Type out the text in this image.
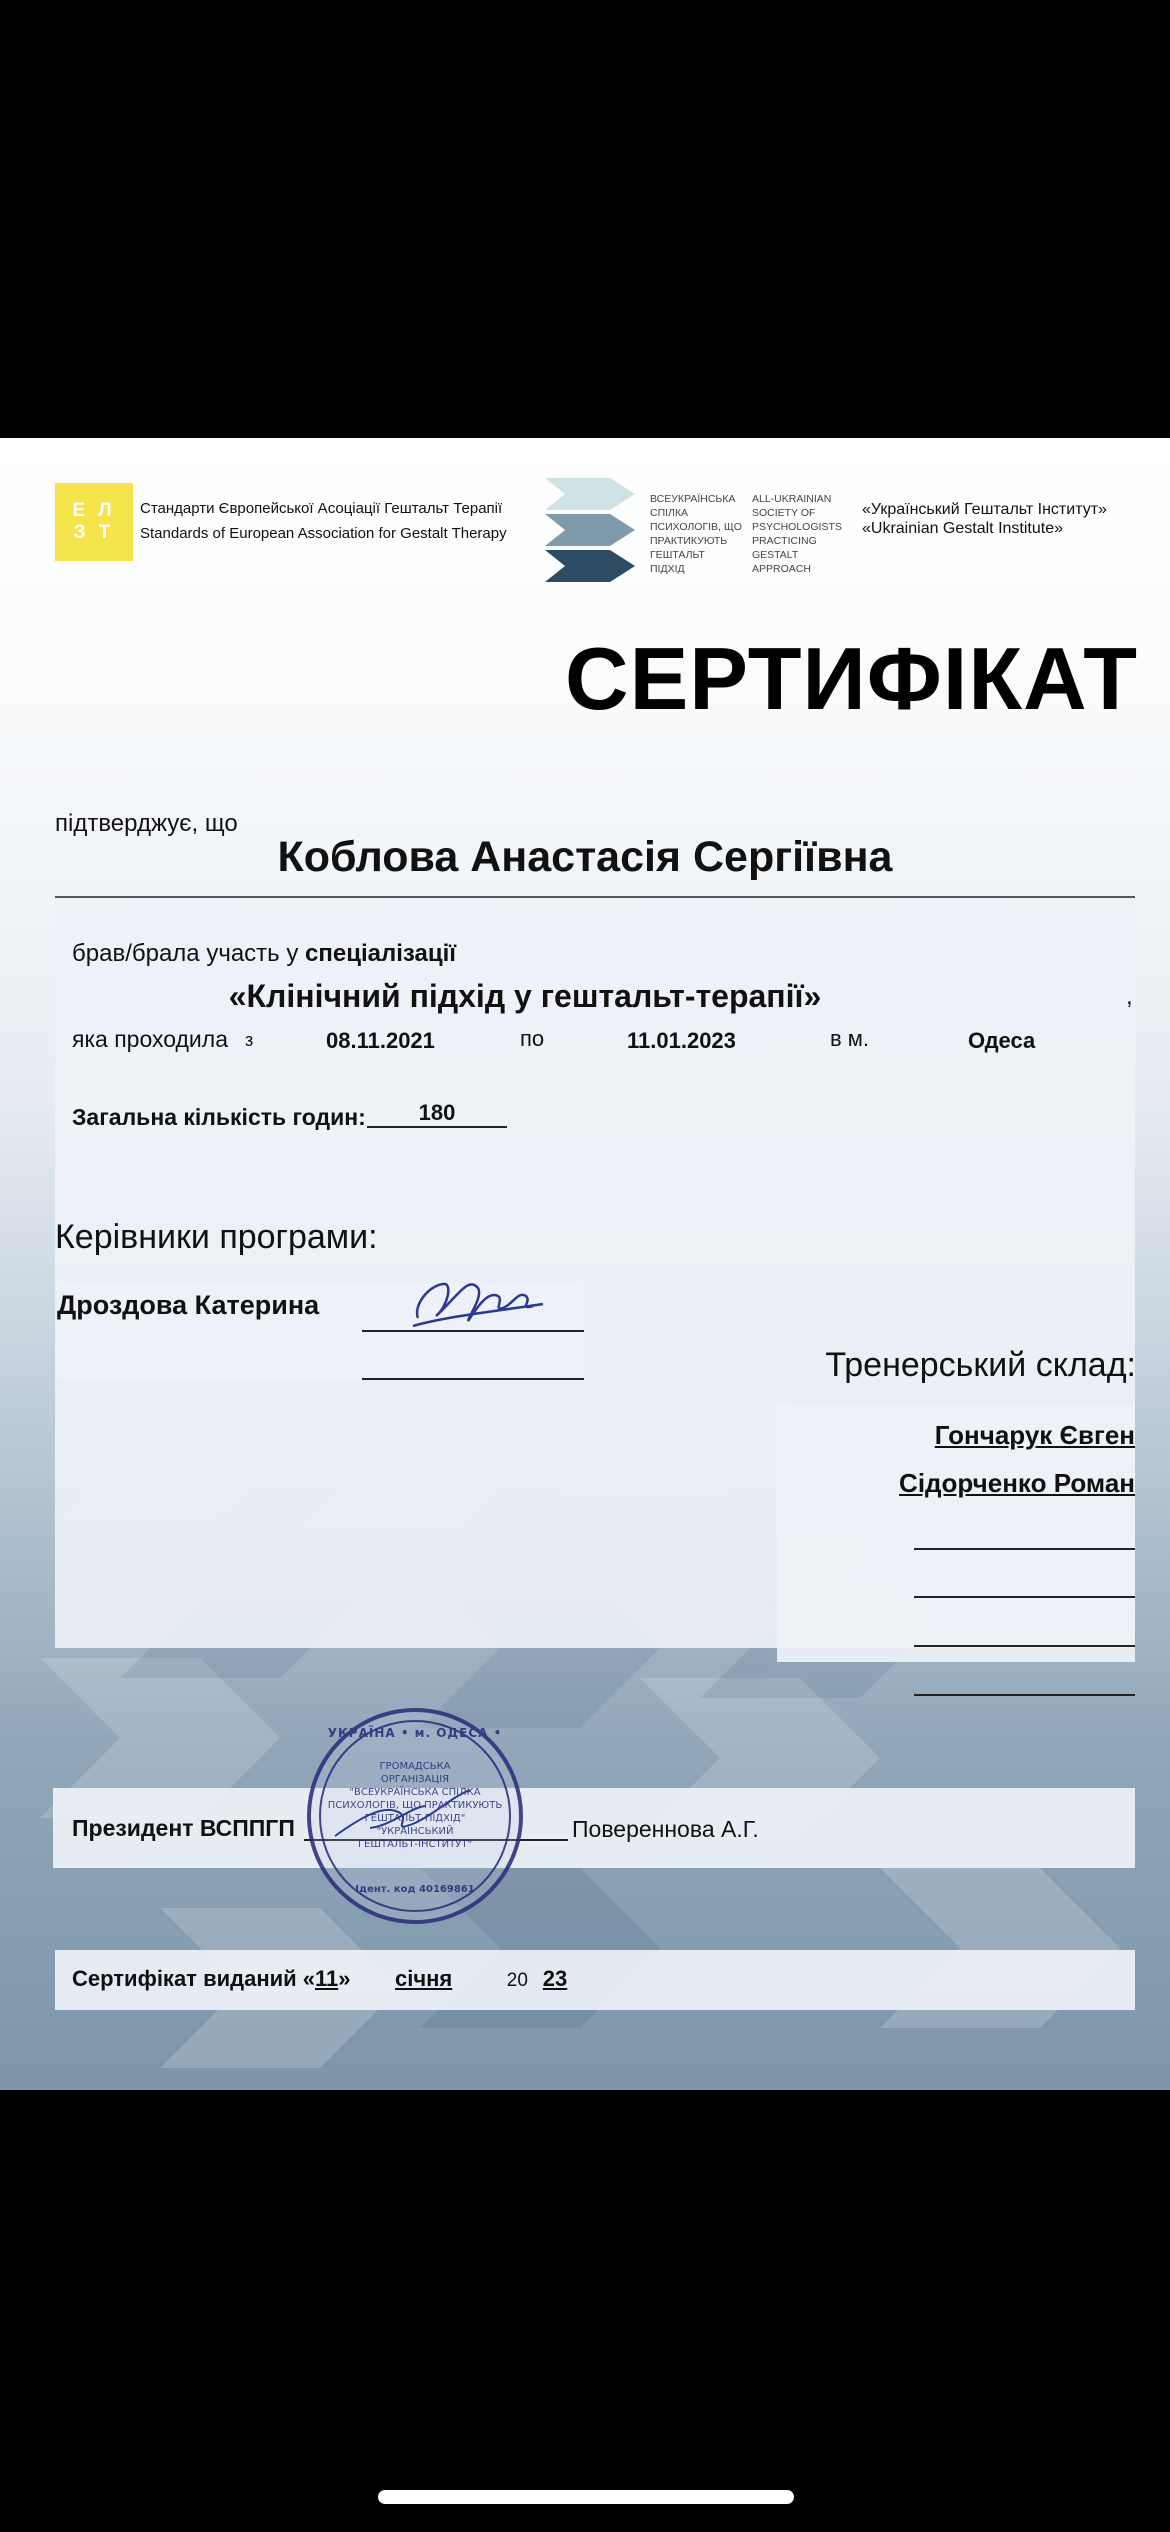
Е Л
З Т
Стандарти Європейської Асоціації Гештальт Терапії
Standards of European Association for Gestalt Therapy
ВСЕУКРАЇНСЬКА
СПІЛКА
ПСИХОЛОГІВ, ЩО
ПРАКТИКУЮТЬ
ГЕШТАЛЬТ
ПІДХІД
ALL-UKRAINIAN
SOCIETY OF
PSYCHOLOGISTS
PRACTICING
GESTALT
APPROACH
«Український Гештальт Інститут»
«Ukrainian Gestalt Institute»
СЕРТИФІКАТ
підтверджує, що
Коблова Анастасія Сергіївна
брав/брала участь у спеціалізації
«Клінічний підхід у гештальт-терапії»	,
яка проходила з	08.11.2021	по	11.01.2023	в м.	Одеса
Загальна кількість годин:	180
Керівники програми:
Дроздова Катерина
Тренерський склад:
Гончарук Євген
Сідорченко Роман
Президент ВСППГП	Повереннова А.Г.
УКРАЇНА • м. ОДЕСА •
ГРОМАДСЬКА
ОРГАНІЗАЦІЯ
"ВСЕУКРАЇНСЬКА СПІЛКА
ПСИХОЛОГІВ, ЩО ПРАКТИКУЮТЬ
ГЕШТАЛЬТ-ПІДХІД"
"УКРАЇНСЬКИЙ
ГЕШТАЛЬТ-ІНСТИТУТ"
Ідент. код 40169861
Сертифікат виданий «11» січня	20 23
